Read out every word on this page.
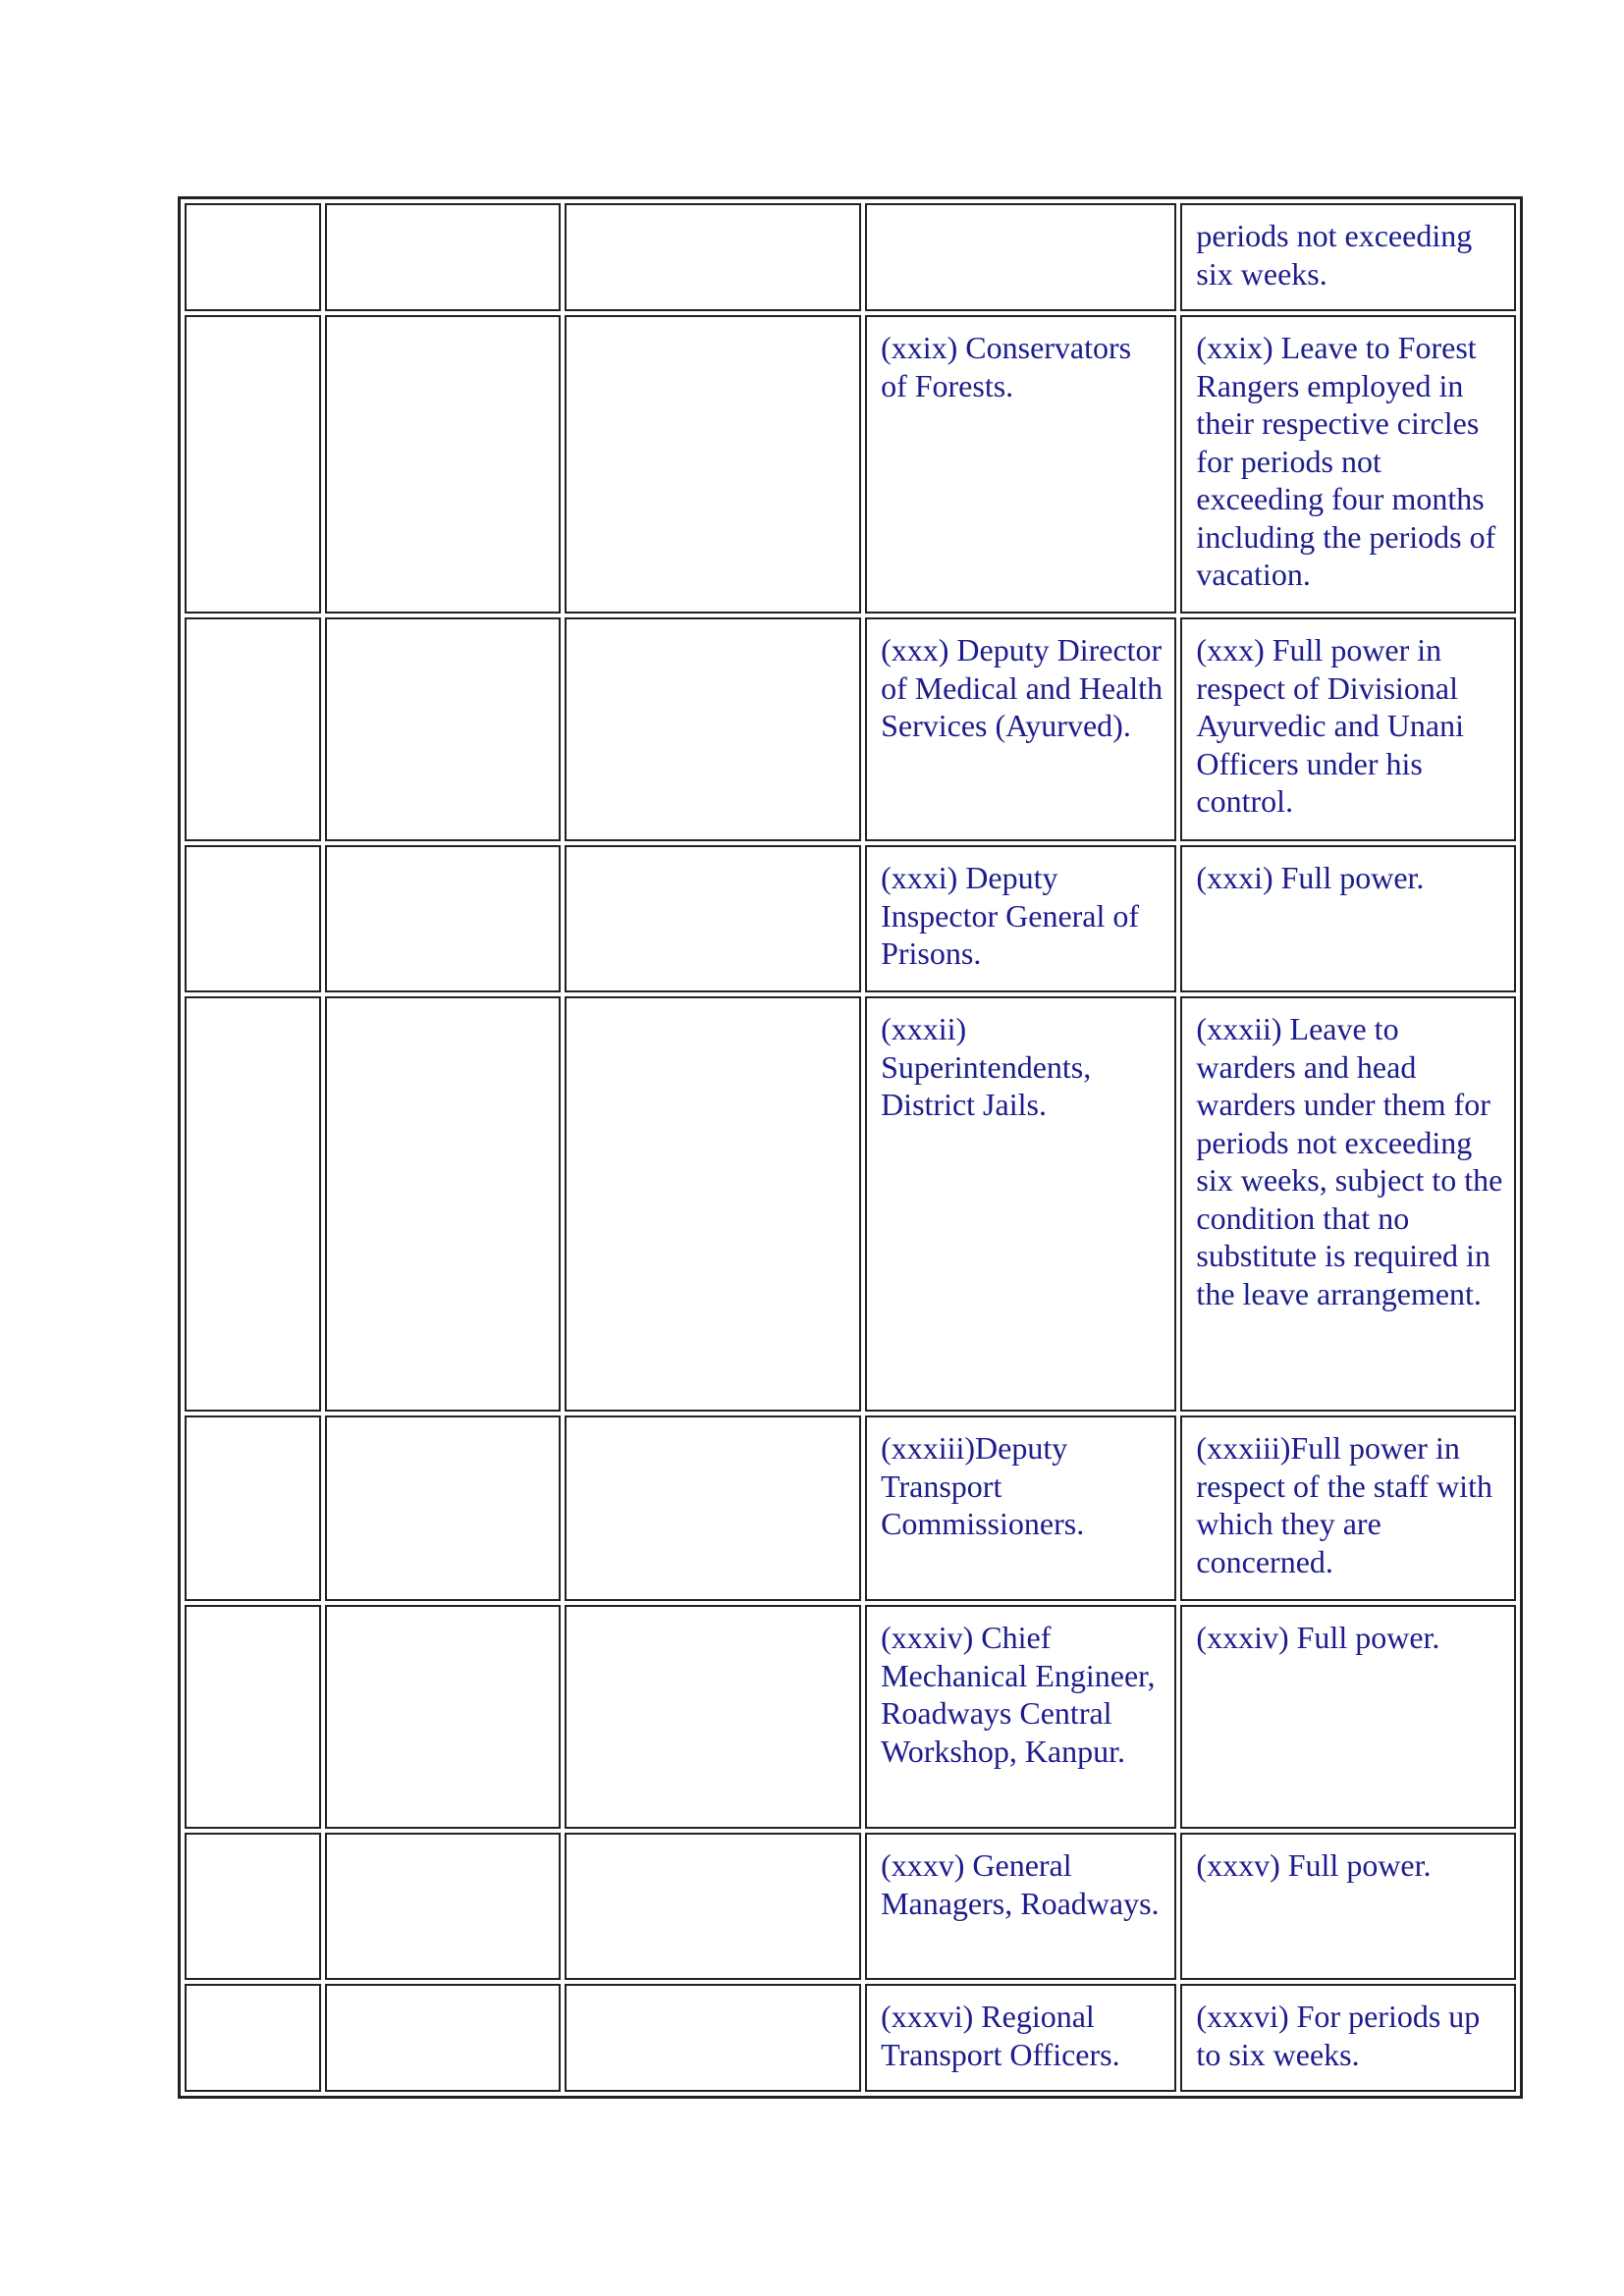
				periods not exceeding six weeks.
			(xxix) Conservators of Forests.	(xxix) Leave to Forest Rangers employed in their respective circles for periods not exceeding four months including the periods of vacation.
			(xxx) Deputy Director of Medical and Health Services (Ayurved).	(xxx) Full power in respect of Divisional Ayurvedic and Unani Officers under his control.
			(xxxi) Deputy Inspector General of Prisons.	(xxxi) Full power.
			(xxxii) Superintendents, District Jails.	(xxxii) Leave to warders and head warders under them for periods not exceeding six weeks, subject to the condition that no substitute is required in the leave arrangement.
			(xxxiii)Deputy Transport Commissioners.	(xxxiii)Full power in respect of the staff with which they are concerned.
			(xxxiv) Chief Mechanical Engineer, Roadways Central Workshop, Kanpur.	(xxxiv) Full power.
			(xxxv) General Managers, Roadways.	(xxxv) Full power.
			(xxxvi) Regional Transport Officers.	(xxxvi) For periods up to six weeks.
